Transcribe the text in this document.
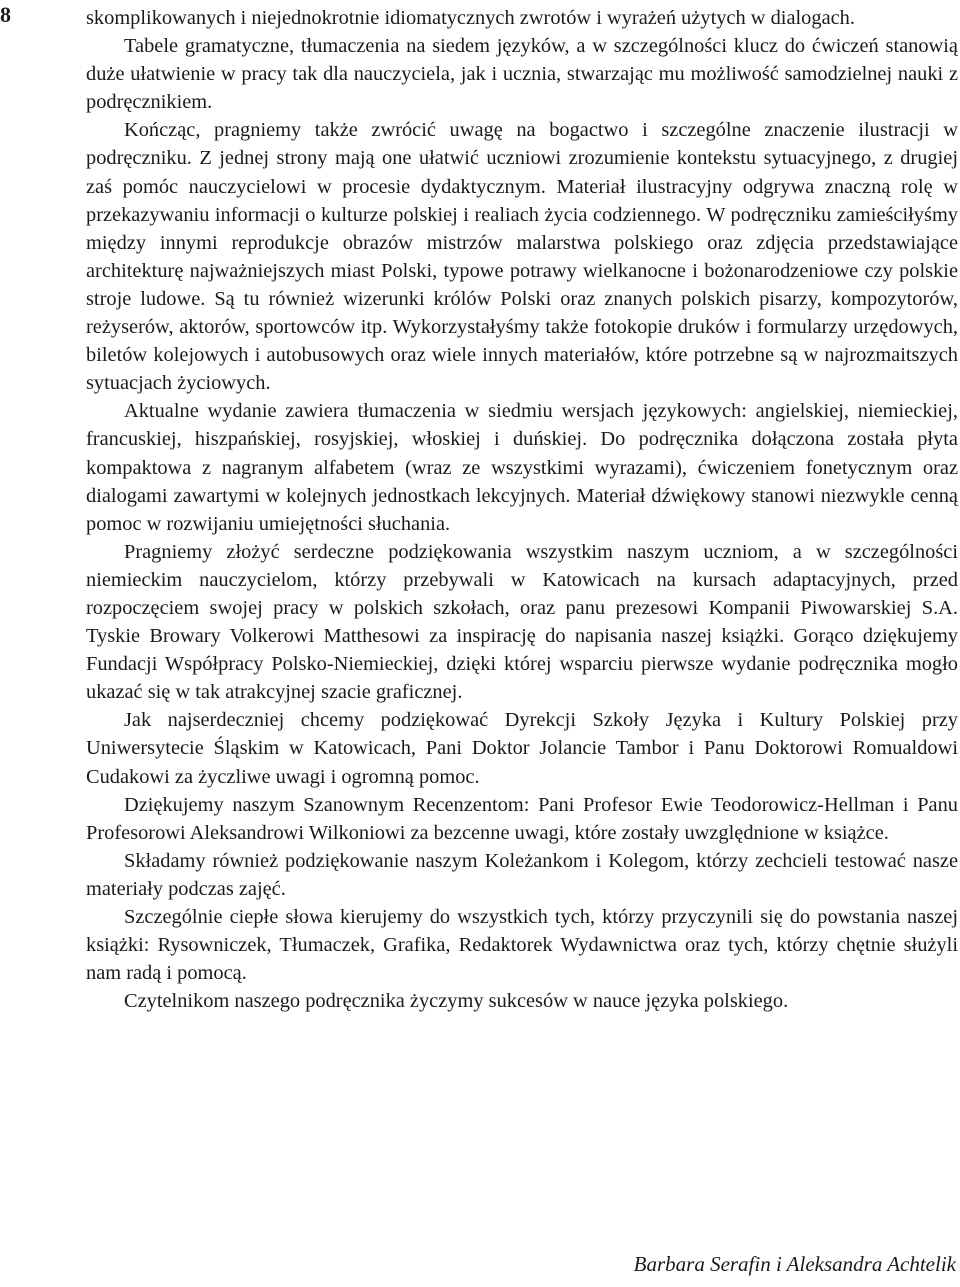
8	skomplikowanych i niejednokrotnie idiomatycznych zwrotów i wyrażeń użytych w dialogach.

Tabele gramatyczne, tłumaczenia na siedem języków, a w szczególności klucz do ćwiczeń stanowią duże ułatwienie w pracy tak dla nauczyciela, jak i ucznia, stwarzając mu możliwość samodzielnej nauki z podręcznikiem.

Kończąc, pragniemy także zwrócić uwagę na bogactwo i szczególne znaczenie ilustracji w podręczniku. Z jednej strony mają one ułatwić uczniowi zrozumienie kontekstu sytuacyjnego, z drugiej zaś pomóc nauczycielowi w procesie dydaktycznym. Materiał ilustracyjny odgrywa znaczną rolę w przekazywaniu informacji o kulturze polskiej i realiach życia codziennego. W podręczniku zamieściłyśmy między innymi reprodukcje obrazów mistrzów malarstwa polskiego oraz zdjęcia przedstawiające architekturę najważniejszych miast Polski, typowe potrawy wielkanocne i bożonarodzeniowe czy polskie stroje ludowe. Są tu również wizerunki królów Polski oraz znanych polskich pisarzy, kompozytorów, reżyserów, aktorów, sportowców itp. Wykorzystałyśmy także fotokopie druków i formularzy urzędowych, biletów kolejowych i autobusowych oraz wiele innych materiałów, które potrzebne są w najrozmaitszych sytuacjach życiowych.

Aktualne wydanie zawiera tłumaczenia w siedmiu wersjach językowych: angielskiej, niemieckiej, francuskiej, hiszpańskiej, rosyjskiej, włoskiej i duńskiej. Do podręcznika dołączona została płyta kompaktowa z nagranym alfabetem (wraz ze wszystkimi wyrazami), ćwiczeniem fonetycznym oraz dialogami zawartymi w kolejnych jednostkach lekcyjnych. Materiał dźwiękowy stanowi niezwykle cenną pomoc w rozwijaniu umiejętności słuchania.

Pragniemy złożyć serdeczne podziękowania wszystkim naszym uczniom, a w szczególności niemieckim nauczycielom, którzy przebywali w Katowicach na kursach adaptacyjnych, przed rozpoczęciem swojej pracy w polskich szkołach, oraz panu prezesowi Kompanii Piwowarskiej S.A. Tyskie Browary Volkerowi Matthesowi za inspirację do napisania naszej książki. Gorąco dziękujemy Fundacji Współpracy Polsko-Niemieckiej, dzięki której wsparciu pierwsze wydanie podręcznika mogło ukazać się w tak atrakcyjnej szacie graficznej.

Jak najserdeczniej chcemy podziękować Dyrekcji Szkoły Języka i Kultury Polskiej przy Uniwersytecie Śląskim w Katowicach, Pani Doktor Jolancie Tambor i Panu Doktorowi Romualdowi Cudakowi za życzliwe uwagi i ogromną pomoc.

Dziękujemy naszym Szanownym Recenzentom: Pani Profesor Ewie Teodorowicz-Hellman i Panu Profesorowi Aleksandrowi Wilkoniowi za bezcenne uwagi, które zostały uwzględnione w książce.

Składamy również podziękowanie naszym Koleżankom i Kolegom, którzy zechcieli testować nasze materiały podczas zajęć.

Szczególnie ciepłe słowa kierujemy do wszystkich tych, którzy przyczynili się do powstania naszej książki: Rysowniczek, Tłumaczek, Grafika, Redaktorek Wydawnictwa oraz tych, którzy chętnie służyli nam radą i pomocą.

Czytelnikom naszego podręcznika życzymy sukcesów w nauce języka polskiego.

Barbara Serafin i Aleksandra Achtelik
